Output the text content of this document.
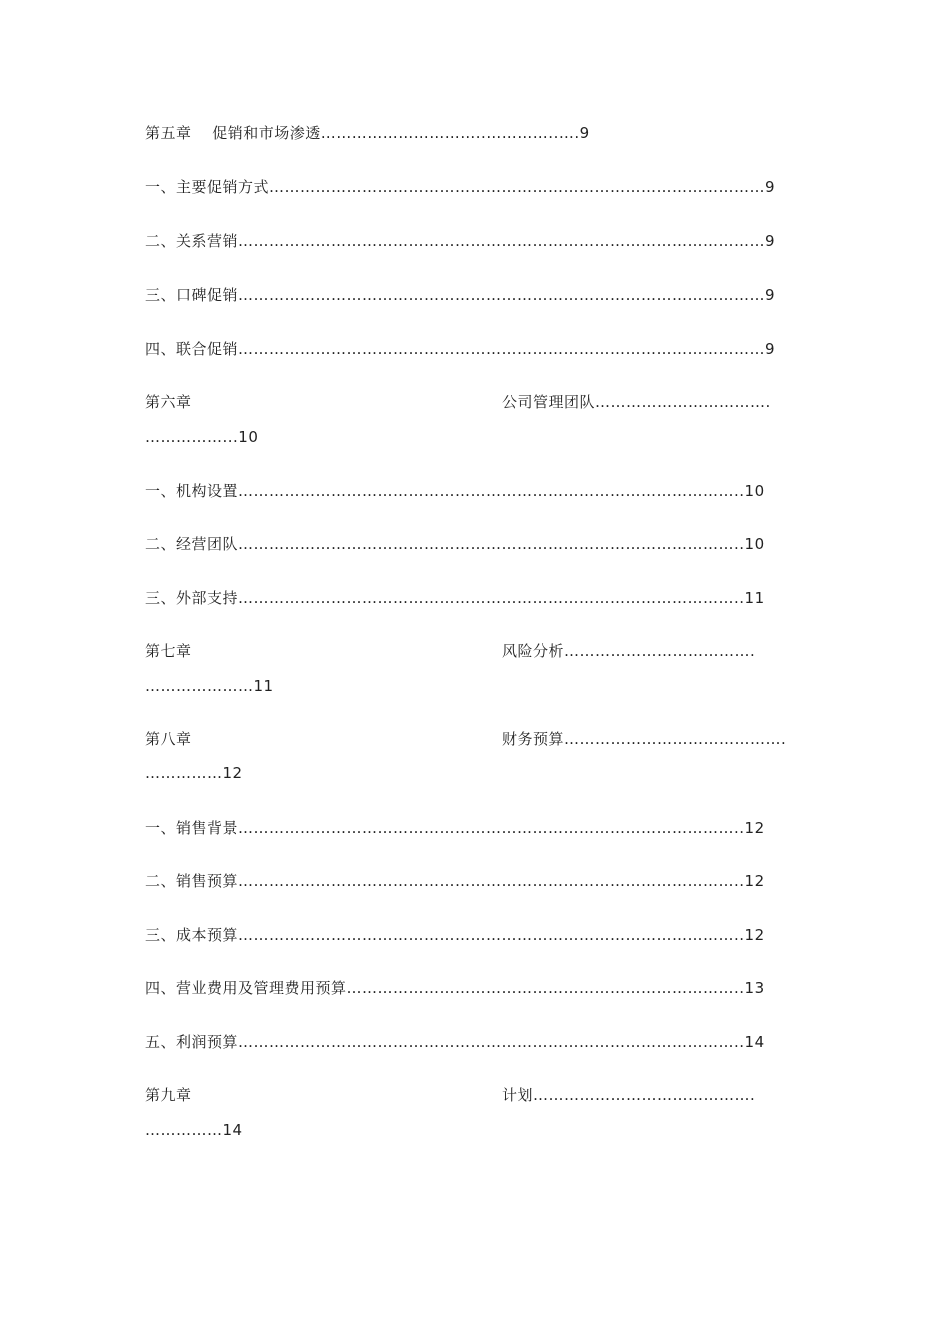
第五章　 促销和市场渗透…………………………..…………..….9
一、主要促销方式……………………………………………………………………………………9
二、关系营销…………………………………………………………………………………………9
三、口碑促销…………………………………………………………………………………………9
四、联合促销…………………………………………………………………………………………9
第六章	公司管理团队…………………………….
……………...10
一、机构设置……………………………………………………………………………………..10
二、经营团队……………………………………………………………………………………..10
三、外部支持……………………………………………………………………………………..11
第七章	风险分析……………………………….
…………………11
第八章	财务预算…………………………………….
……………12
一、销售背景……………………………………………………………………………………..12
二、销售预算……………………………………………………………………………………..12
三、成本预算……………………………………………………………………………………..12
四、营业费用及管理费用预算…………………………………………………………………..13
五、利润预算……………………………………………………………………………………..14
第九章	计划…………………………………….
……………14
